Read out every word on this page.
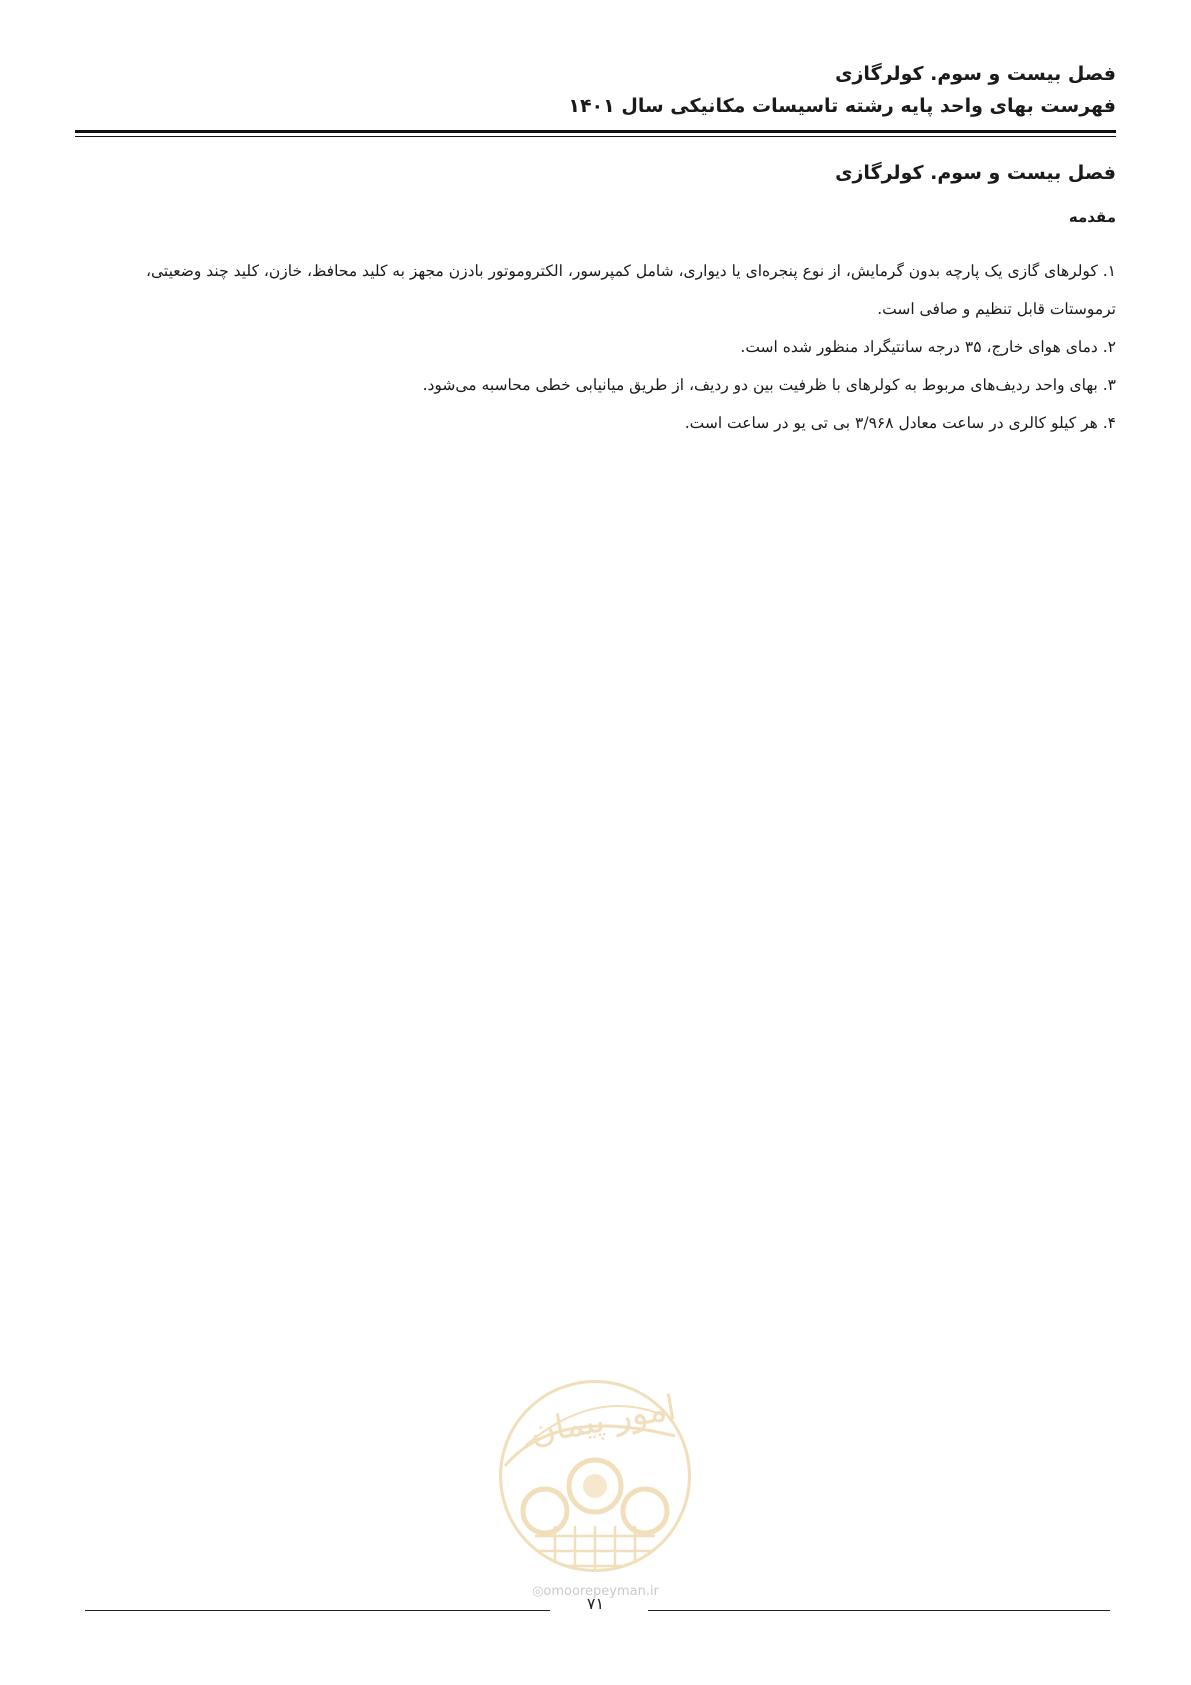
فصل بیست و سوم. کولرگازی
فهرست بهای واحد پایه رشته تاسیسات مکانیکی سال ۱۴۰۱
فصل بیست و سوم. کولرگازی
مقدمه

۱. کولرهای گازی یک پارچه بدون گرمایش، از نوع پنجره‌ای یا دیواری، شامل کمپرسور، الکتروموتور بادزن مجهز به کلید محافظ، خازن، کلید چند وضعیتی، ترموستات قابل تنظیم و صافی است.

۲. دمای هوای خارج، ۳۵ درجه سانتیگراد منظور شده است.

۳. بهای واحد ردیف‌های مربوط به کولرهای با ظرفیت بین دو ردیف، از طریق میانیابی خطی محاسبه می‌شود.

۴. هر کیلو کالری در ساعت معادل ۳/۹۶۸ بی تی یو در ساعت است.

امور پیمان
◎omoorepeyman.ir
۷۱
